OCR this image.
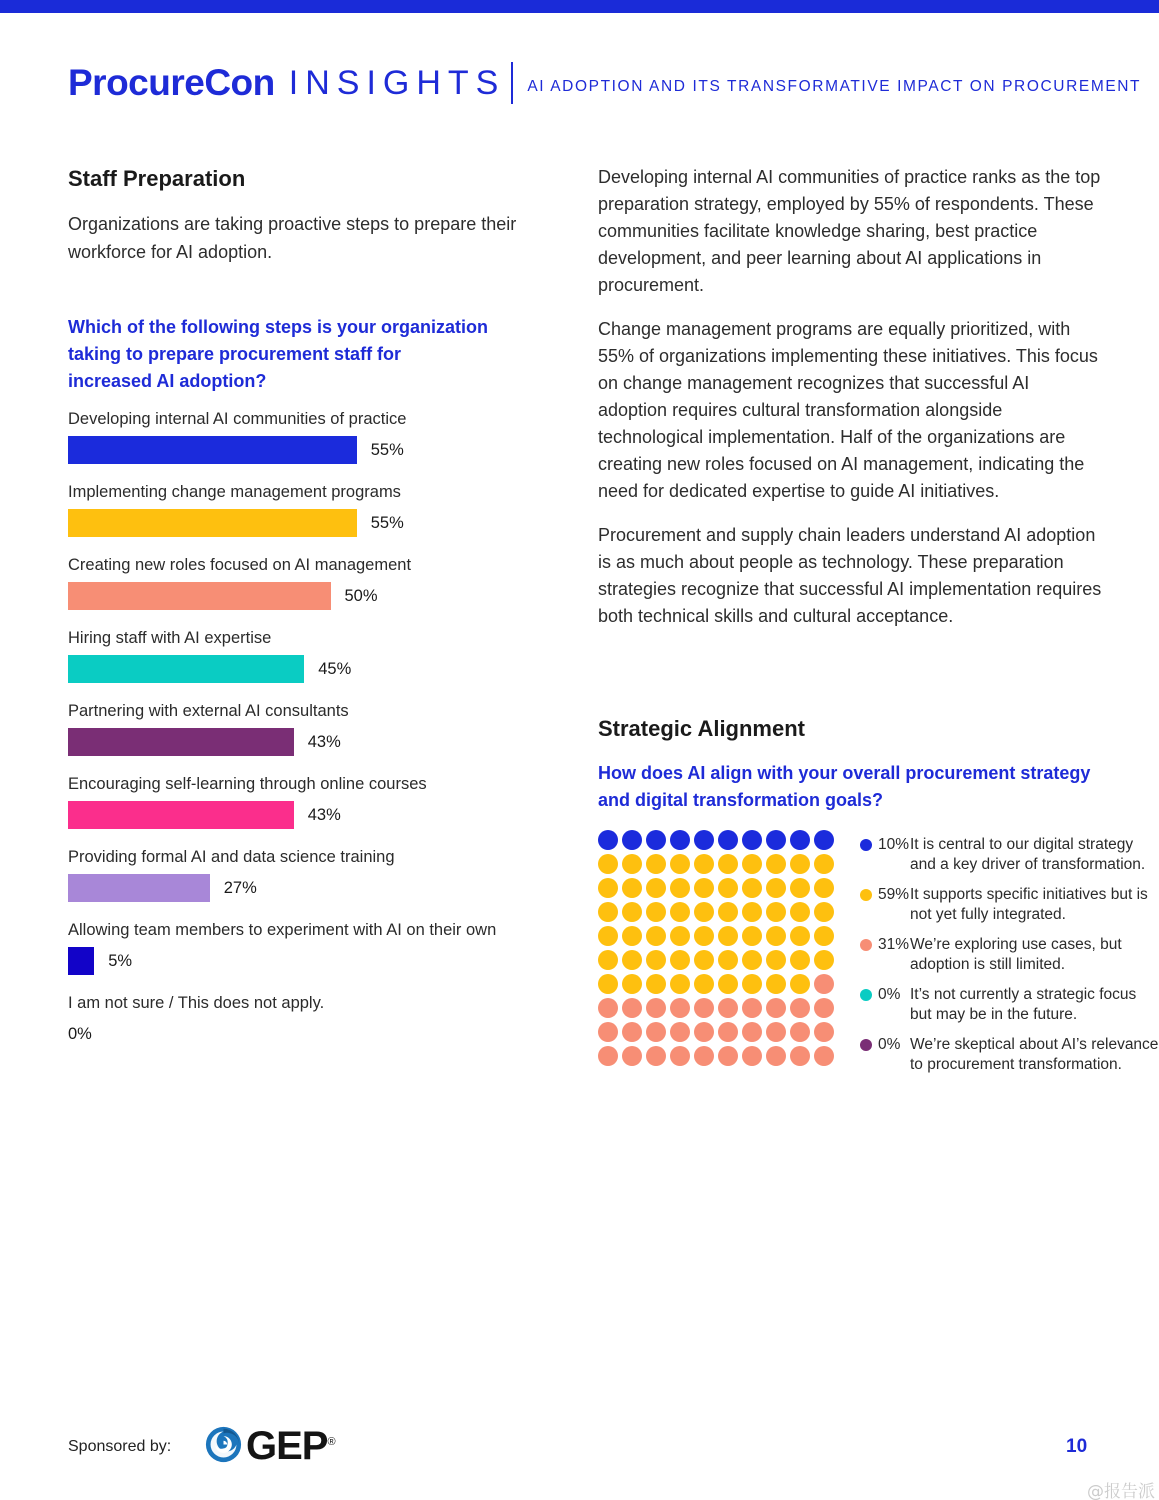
ProcureCon INSIGHTS AI ADOPTION AND ITS TRANSFORMATIVE IMPACT ON PROCUREMENT
Staff Preparation
Organizations are taking proactive steps to prepare their workforce for AI adoption.
Which of the following steps is your organization taking to prepare procurement staff for increased AI adoption?
Developing internal AI communities of practice
55%
Implementing change management programs
55%
Creating new roles focused on AI management
50%
Hiring staff with AI expertise
45%
Partnering with external AI consultants
43%
Encouraging self-learning through online courses
43%
Providing formal AI and data science training
27%
Allowing team members to experiment with AI on their own
5%
I am not sure / This does not apply.
0%

Developing internal AI communities of practice ranks as the top preparation strategy, employed by 55% of respondents. These communities facilitate knowledge sharing, best practice development, and peer learning about AI applications in procurement.

Change management programs are equally prioritized, with 55% of organizations implementing these initiatives. This focus on change management recognizes that successful AI adoption requires cultural transformation alongside technological implementation. Half of the organizations are creating new roles focused on AI management, indicating the need for dedicated expertise to guide AI initiatives.

Procurement and supply chain leaders understand AI adoption is as much about people as technology. These preparation strategies recognize that successful AI implementation requires both technical skills and cultural acceptance.

Strategic Alignment
How does AI align with your overall procurement strategy and digital transformation goals?
10% It is central to our digital strategy and a key driver of transformation.
59% It supports specific initiatives but is not yet fully integrated.
31% We’re exploring use cases, but adoption is still limited.
0% It’s not currently a strategic focus but may be in the future.
0% We’re skeptical about AI’s relevance to procurement transformation.
Sponsored by: GEP®	10
@报告派
